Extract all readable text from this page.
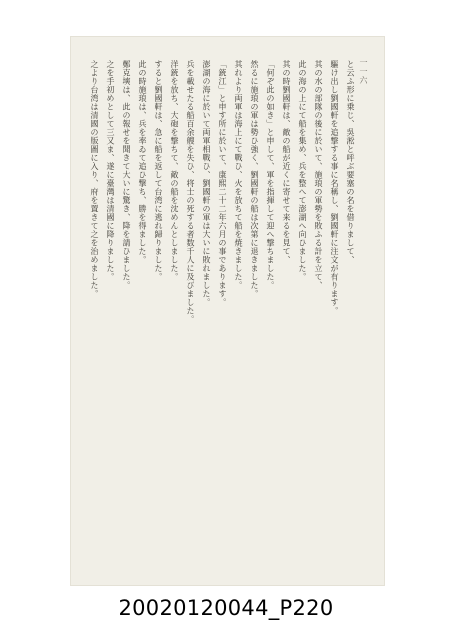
一一六
と云ふ形に乗じ、吳淞と呼ぶ要塞の名を借りまして、
驅け出し劉國軒を追撃する事に名稱し、劉國軒に注文が有ります。
其の水の部隊の後に於いて、施琅の軍勢を敗ふる計を立て、
此の海の上にて船を集め、兵を整へて澎湖へ向ひました。
其の時劉國軒は、敵の船が近くに寄せて来るを見て、
「何ぞ此の如き」と申して、軍を指揮して迎へ撃ちました。
然るに施琅の軍は勢ひ強く、劉國軒の船は次第に退きました。
其れより両軍は海上にて戰ひ、火を放ちて船を焼きました。
「銃江」と申す所に於いて、康熙二十二年六月の事であります。
澎湖の海に於いて両軍相戰ひ、劉國軒の軍は大いに敗れました。
兵を載せたる船百余艘を失ひ、将士の死する者数千人に及びました。
洋銃を放ち、大砲を撃ちて、敵の船を沈めんとしました。
すると劉國軒は、急に船を返して台湾に逃れ歸りました。
此の時施琅は、兵を率ゐて追ひ撃ち、勝を得ました。
鄭克塽は、此の報せを聞きて大いに驚き、降を請ひました。
之を手初めとして三又ま、遂に臺灣は清國に降りました。
之より台湾は清國の版圖に入り、府を置きて之を治めました。
20020120044_P220
